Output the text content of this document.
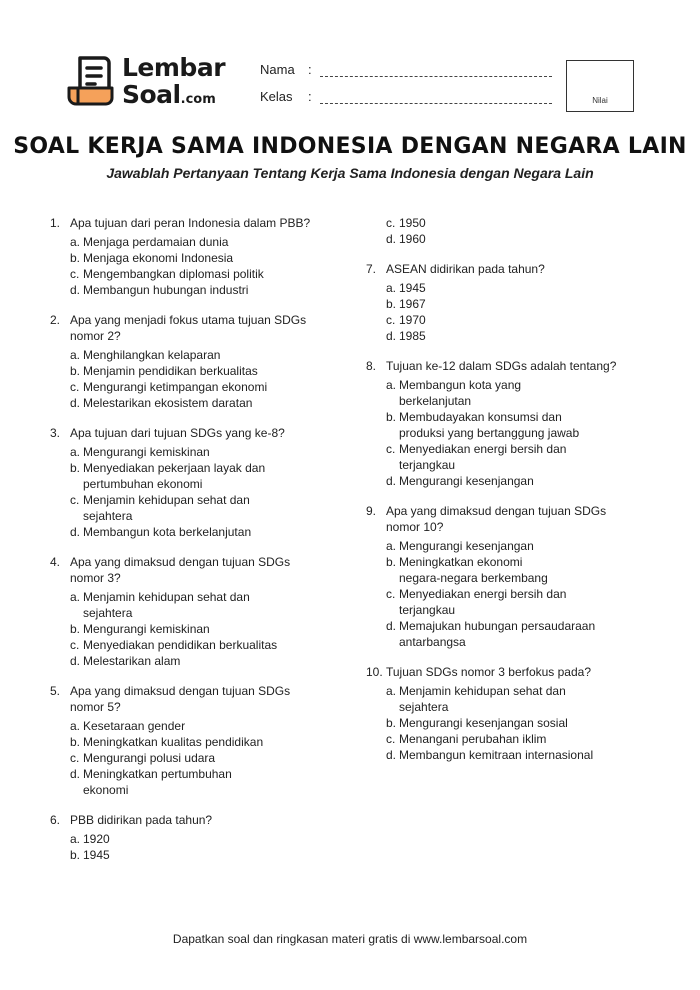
Lembar
Soal.com
Nama :
Kelas :	Nilai
SOAL KERJA SAMA INDONESIA DENGAN NEGARA LAIN
Jawablah Pertanyaan Tentang Kerja Sama Indonesia dengan Negara Lain
1. Apa tujuan dari peran Indonesia dalam PBB?
a. Menjaga perdamaian dunia
b. Menjaga ekonomi Indonesia
c. Mengembangkan diplomasi politik
d. Membangun hubungan industri
2. Apa yang menjadi fokus utama tujuan SDGs
nomor 2?
a. Menghilangkan kelaparan
b. Menjamin pendidikan berkualitas
c. Mengurangi ketimpangan ekonomi
d. Melestarikan ekosistem daratan
3. Apa tujuan dari tujuan SDGs yang ke-8?
a. Mengurangi kemiskinan
b. Menyediakan pekerjaan layak dan
pertumbuhan ekonomi
c. Menjamin kehidupan sehat dan
sejahtera
d. Membangun kota berkelanjutan
4. Apa yang dimaksud dengan tujuan SDGs
nomor 3?
a. Menjamin kehidupan sehat dan
sejahtera
b. Mengurangi kemiskinan
c. Menyediakan pendidikan berkualitas
d. Melestarikan alam
5. Apa yang dimaksud dengan tujuan SDGs
nomor 5?
a. Kesetaraan gender
b. Meningkatkan kualitas pendidikan
c. Mengurangi polusi udara
d. Meningkatkan pertumbuhan
ekonomi
6. PBB didirikan pada tahun?
a. 1920
b. 1945
c. 1950
d. 1960
7. ASEAN didirikan pada tahun?
a. 1945
b. 1967
c. 1970
d. 1985
8. Tujuan ke-12 dalam SDGs adalah tentang?
a. Membangun kota yang
berkelanjutan
b. Membudayakan konsumsi dan
produksi yang bertanggung jawab
c. Menyediakan energi bersih dan
terjangkau
d. Mengurangi kesenjangan
9. Apa yang dimaksud dengan tujuan SDGs
nomor 10?
a. Mengurangi kesenjangan
b. Meningkatkan ekonomi
negara-negara berkembang
c. Menyediakan energi bersih dan
terjangkau
d. Memajukan hubungan persaudaraan
antarbangsa
10. Tujuan SDGs nomor 3 berfokus pada?
a. Menjamin kehidupan sehat dan
sejahtera
b. Mengurangi kesenjangan sosial
c. Menangani perubahan iklim
d. Membangun kemitraan internasional
Dapatkan soal dan ringkasan materi gratis di www.lembarsoal.com
